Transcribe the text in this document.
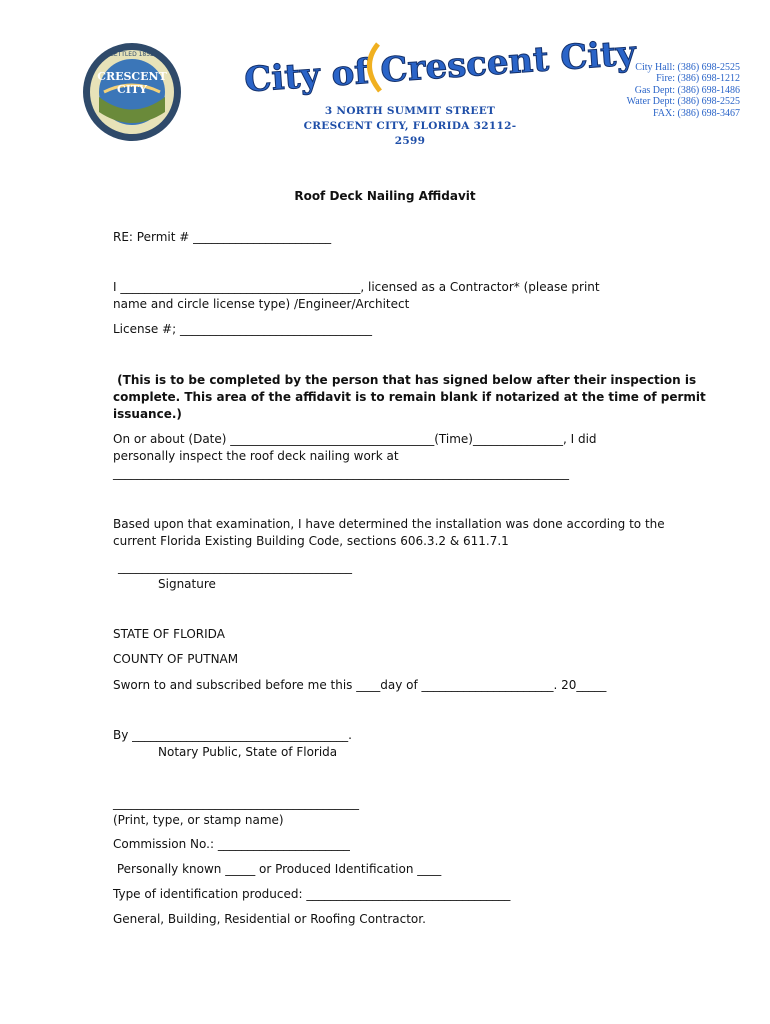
CRESCENT
CITY
SETTLED 1852	City of Crescent City
3 NORTH SUMMIT STREET
CRESCENT CITY, FLORIDA 32112-2599
City Hall: (386) 698-2525
Fire: (386) 698-1212
Gas Dept: (386) 698-1486
Water Dept: (386) 698-2525
FAX: (386) 698-3467
Roof Deck Nailing Affidavit
RE: Permit # _______________________
I ________________________________________, licensed as a Contractor* (please print
name and circle license type) /Engineer/Architect
License #; ________________________________
(This is to be completed by the person that has signed below after their inspection is
complete. This area of the affidavit is to remain blank if notarized at the time of permit
issuance.)
On or about (Date) __________________________________(Time)_______________, I did
personally inspect the roof deck nailing work at
____________________________________________________________________________
Based upon that examination, I have determined the installation was done according to the
current Florida Existing Building Code, sections 606.3.2 & 611.7.1
_______________________________________
Signature
STATE OF FLORIDA
COUNTY OF PUTNAM
Sworn to and subscribed before me this ____day of ______________________. 20_____
By ____________________________________.
Notary Public, State of Florida
_________________________________________
(Print, type, or stamp name)
Commission No.: ______________________
Personally known _____ or Produced Identification ____
Type of identification produced: __________________________________
General, Building, Residential or Roofing Contractor.
